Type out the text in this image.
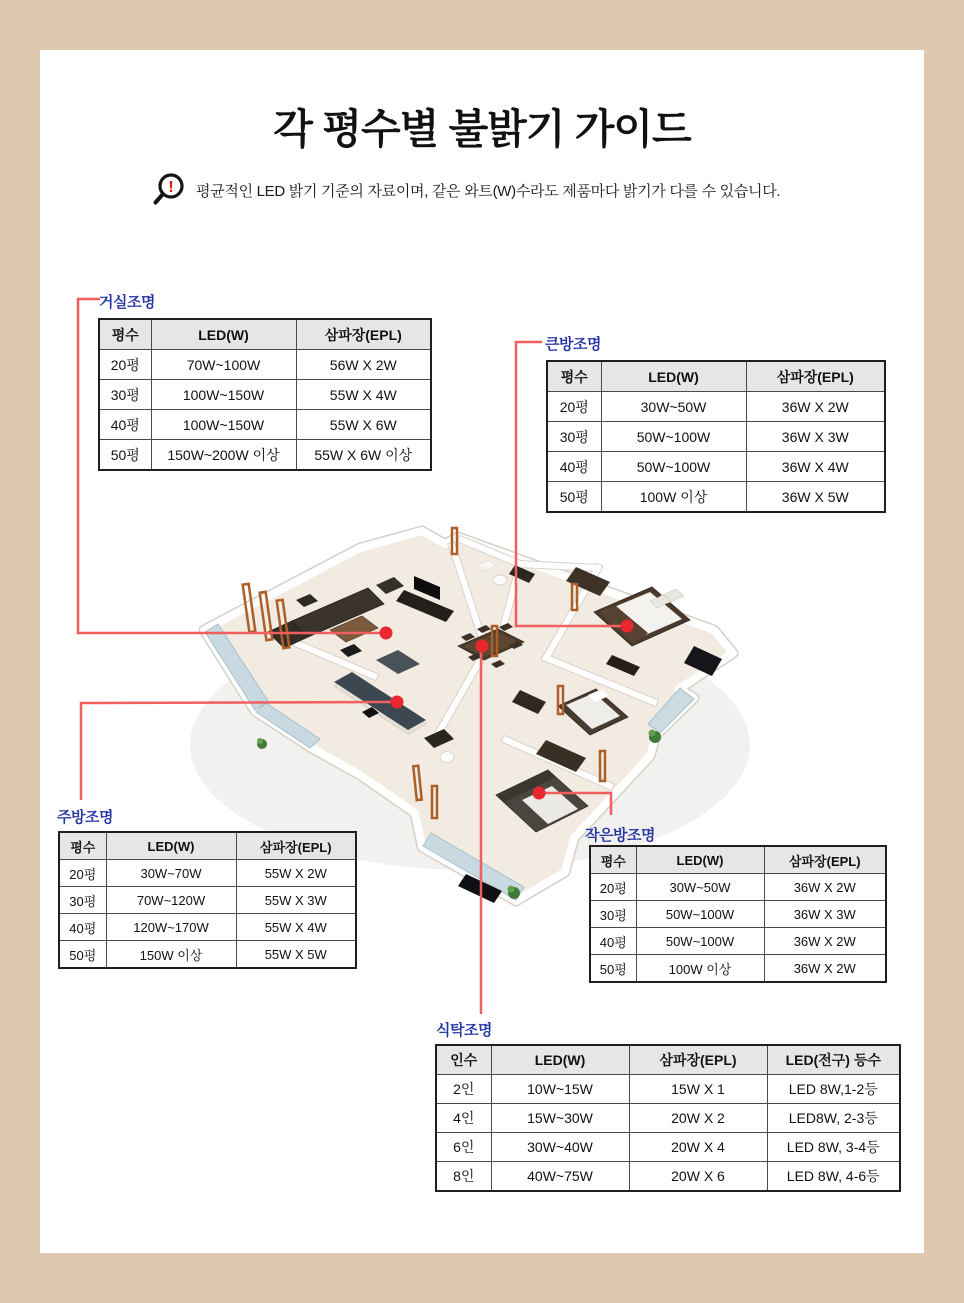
각 평수별 불밝기 가이드
! 평균적인 LED 밝기 기준의 자료이며, 같은 와트(W)수라도 제품마다 밝기가 다를 수 있습니다.
거실조명
큰방조명
주방조명
작은방조명
식탁조명
평수	LED(W)	삼파장(EPL)
20평	70W~100W	56W X 2W
30평	100W~150W	55W X 4W
40평	100W~150W	55W X 6W
50평	150W~200W 이상	55W X 6W 이상
평수	LED(W)	삼파장(EPL)
20평	30W~50W	36W X 2W
30평	50W~100W	36W X 3W
40평	50W~100W	36W X 4W
50평	100W 이상	36W X 5W
평수	LED(W)	삼파장(EPL)
20평	30W~70W	55W X 2W
30평	70W~120W	55W X 3W
40평	120W~170W	55W X 4W
50평	150W 이상	55W X 5W
평수	LED(W)	삼파장(EPL)
20평	30W~50W	36W X 2W
30평	50W~100W	36W X 3W
40평	50W~100W	36W X 2W
50평	100W 이상	36W X 2W
인수	LED(W)	삼파장(EPL)	LED(전구) 등수
2인	10W~15W	15W X 1	LED 8W,1-2등
4인	15W~30W	20W X 2	LED8W, 2-3등
6인	30W~40W	20W X 4	LED 8W, 3-4등
8인	40W~75W	20W X 6	LED 8W, 4-6등
